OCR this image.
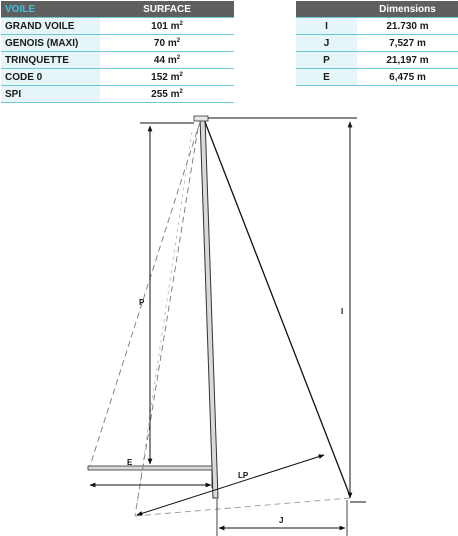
VOILE	SURFACE
GRAND VOILE	101 $m^2$
GENOIS (MAXI)	70 $m^2$
TRINQUETTE	44 $m^2$
CODE 0	152 $m^2$
SPI	255 $m^2$
	Dimensions
I	21.730 m
J	7,527 m
P	21,197 m
E	6,475 m
P
I
E
LP
J
